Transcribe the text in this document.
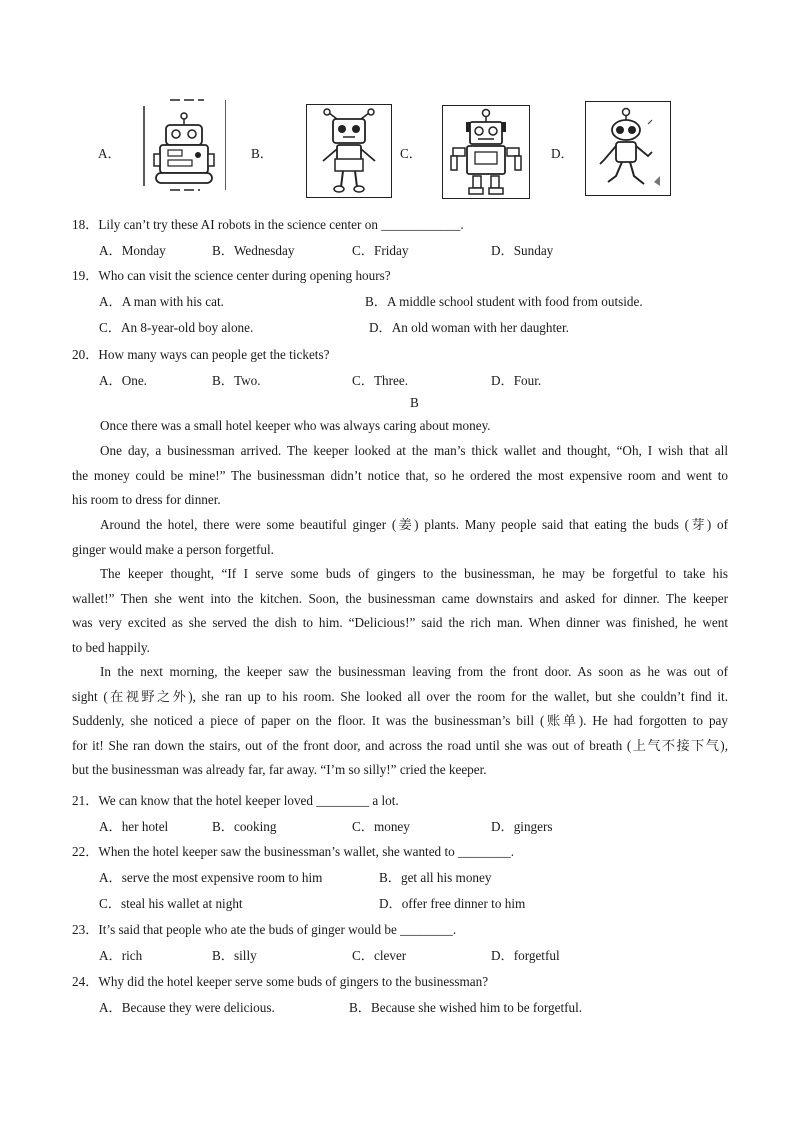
A．	B．	C．	D．
18．Lily can’t try these AI robots in the science center on ____________.
A．Monday	B．Wednesday	C．Friday	D．Sunday
19．Who can visit the science center during opening hours?
A．A man with his cat.	B．A middle school student with food from outside.
C．An 8-year-old boy alone.	D．An old woman with her daughter.
20．How many ways can people get the tickets?
A．One.	B．Two.	C．Three.	D．Four.
B
Once there was a small hotel keeper who was always caring about money.
One day, a businessman arrived. The keeper looked at the man’s thick wallet and thought, “Oh, I wish that all
the money could be mine!” The businessman didn’t notice that, so he ordered the most expensive room and went to
his room to dress for dinner.
Around the hotel, there were some beautiful ginger (姜) plants. Many people said that eating the buds (芽) of
ginger would make a person forgetful.
The keeper thought, “If I serve some buds of gingers to the businessman, he may be forgetful to take his
wallet!” Then she went into the kitchen. Soon, the businessman came downstairs and asked for dinner. The keeper
was very excited as she served the dish to him. “Delicious!” said the rich man. When dinner was finished, he went
to bed happily.
In the next morning, the keeper saw the businessman leaving from the front door. As soon as he was out of
sight (在视野之外), she ran up to his room. She looked all over the room for the wallet, but she couldn’t find it.
Suddenly, she noticed a piece of paper on the floor. It was the businessman’s bill (账单). He had forgotten to pay
for it! She ran down the stairs, out of the front door, and across the road until she was out of breath (上气不接下气),
but the businessman was already far, far away. “I’m so silly!” cried the keeper.
21．We can know that the hotel keeper loved ________ a lot.
A．her hotel	B．cooking	C．money	D．gingers
22．When the hotel keeper saw the businessman’s wallet, she wanted to ________.
A．serve the most expensive room to him	B．get all his money
C．steal his wallet at night	D．offer free dinner to him
23．It’s said that people who ate the buds of ginger would be ________.
A．rich	B．silly	C．clever	D．forgetful
24．Why did the hotel keeper serve some buds of gingers to the businessman?
A．Because they were delicious.	B．Because she wished him to be forgetful.
